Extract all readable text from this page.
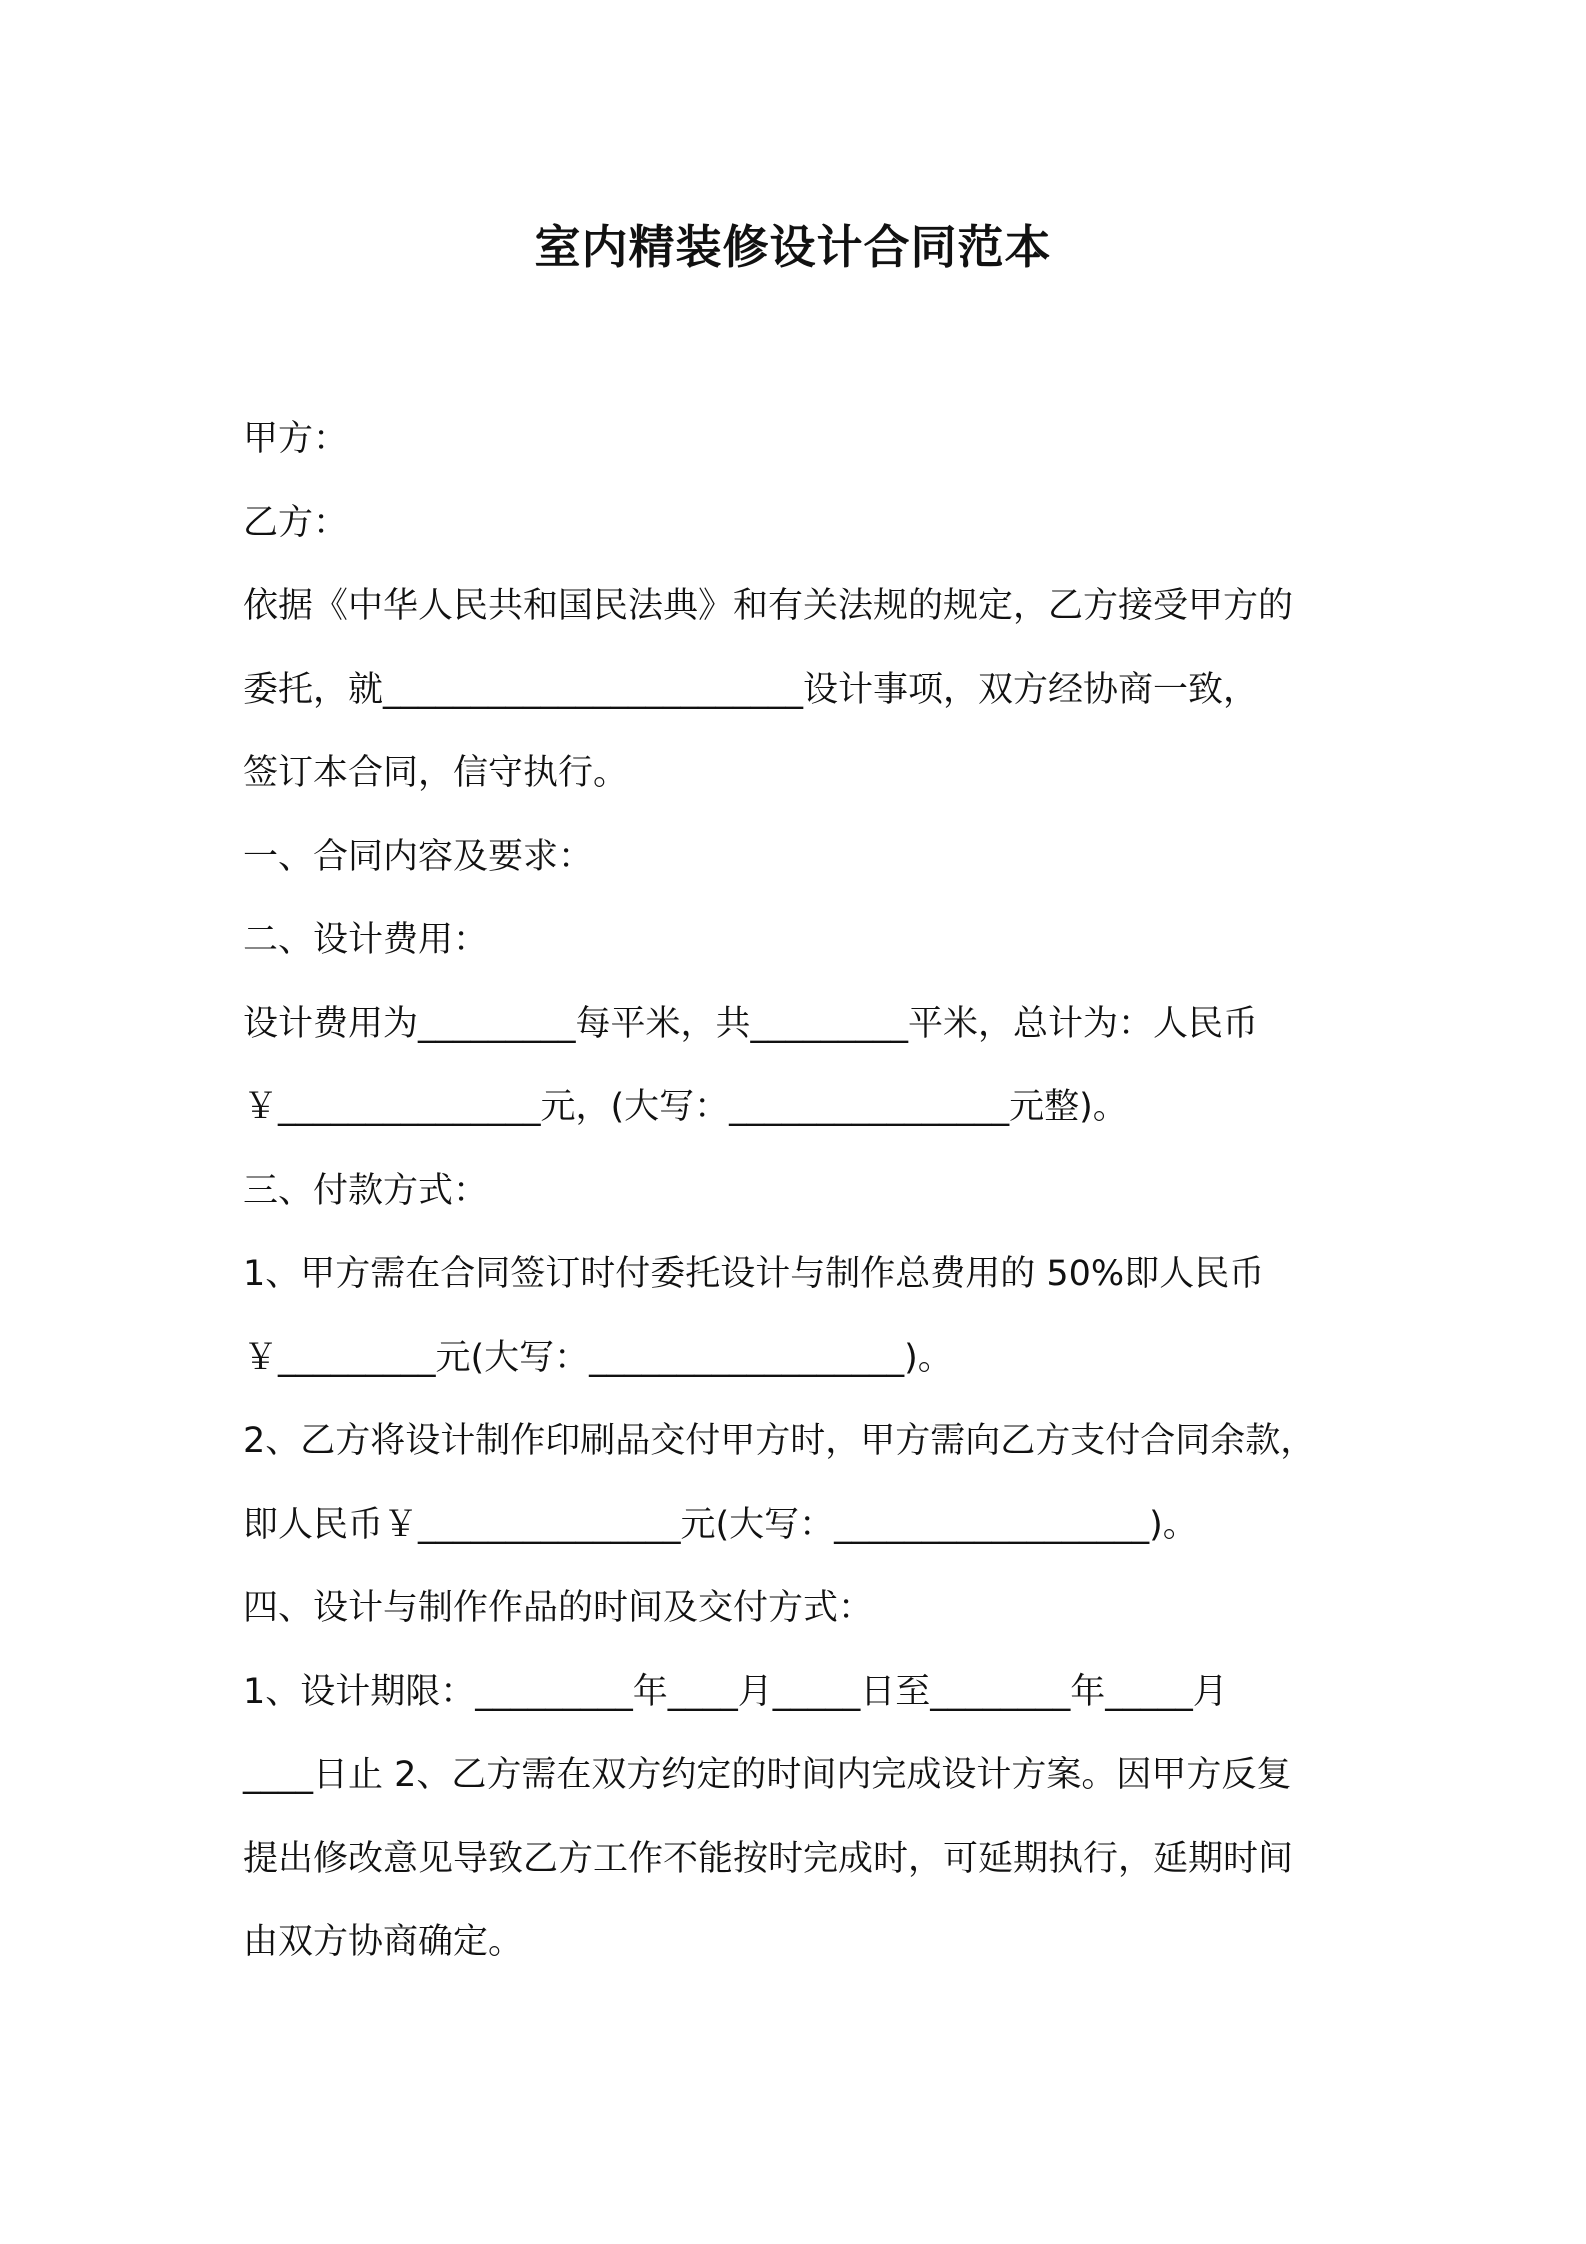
室内精装修设计合同范本

甲方：

乙方：

依据《中华人民共和国民法典》和有关法规的规定，乙方接受甲方的

委托，就________________________设计事项，双方经协商一致，

签订本合同，信守执行。

一、合同内容及要求：

二、设计费用：

设计费用为_________每平米，共_________平米，总计为：人民币

￥_______________元，(大写：________________元整)。

三、付款方式：

1、甲方需在合同签订时付委托设计与制作总费用的 50%即人民币

￥_________元(大写：__________________)。

2、乙方将设计制作印刷品交付甲方时，甲方需向乙方支付合同余款，

即人民币￥_______________元(大写：__________________)。

四、设计与制作作品的时间及交付方式：

1、设计期限：_________年____月_____日至________年_____月

____日止 2、乙方需在双方约定的时间内完成设计方案。因甲方反复

提出修改意见导致乙方工作不能按时完成时，可延期执行，延期时间

由双方协商确定。
